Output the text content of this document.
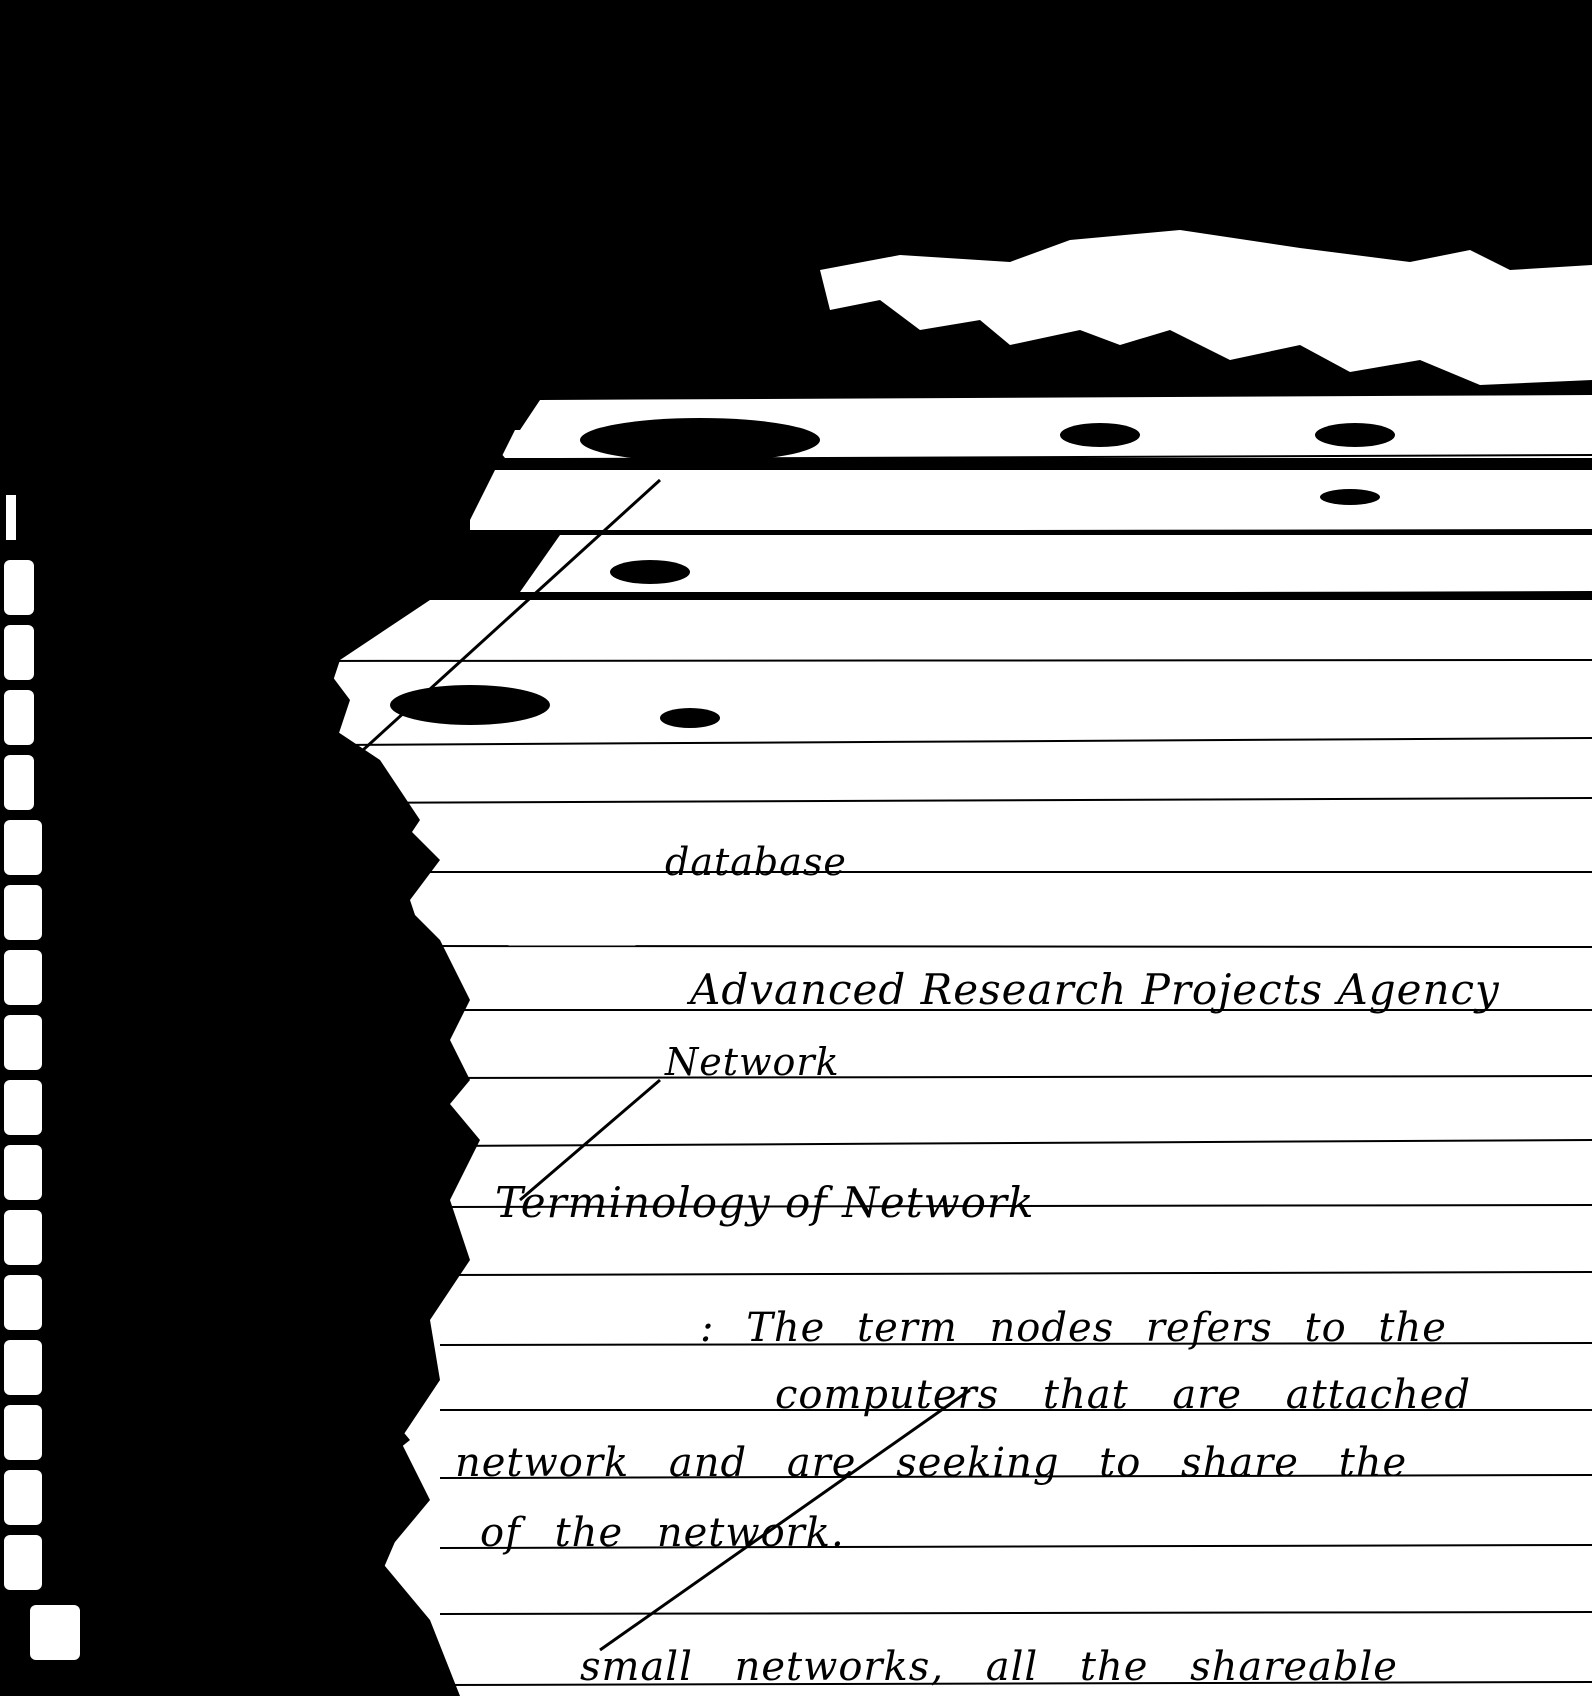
database
Advanced Research Projects Agency
Network
Terminology of Network
: The term nodes refers to the
computers that are attached
network and are seeking to share the
of the network.
small networks, all the shareable
